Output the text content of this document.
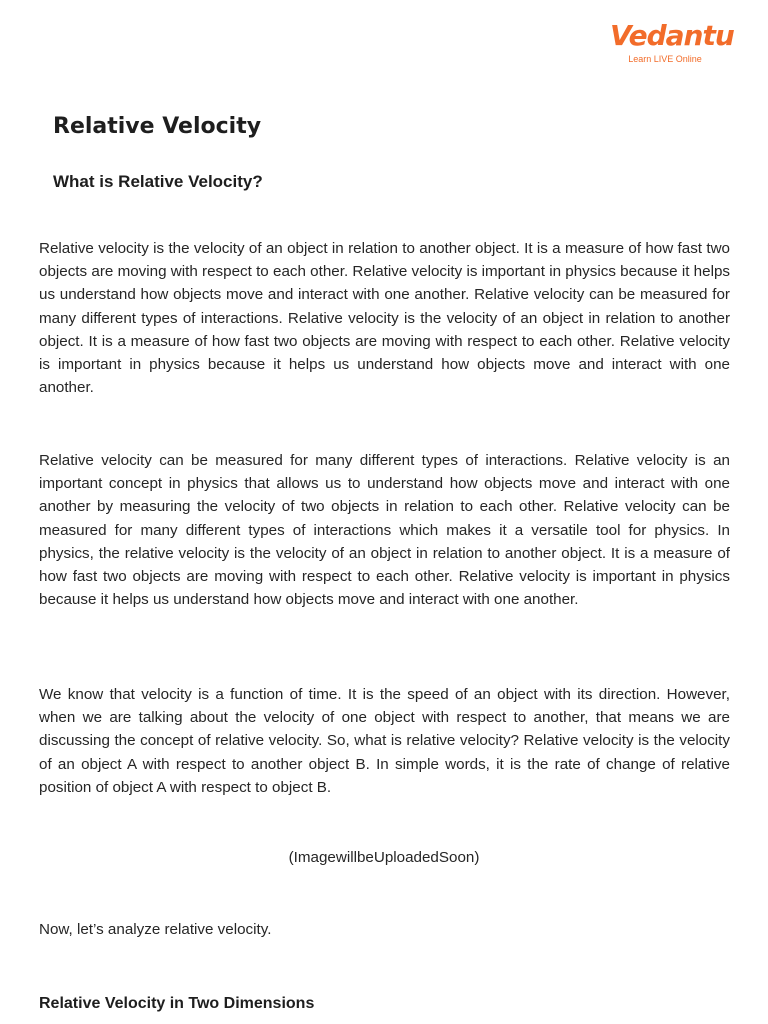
Vedantu
Learn LIVE Online
Relative Velocity
What is Relative Velocity?

Relative velocity is the velocity of an object in relation to another object. It is a measure of how fast two objects are moving with respect to each other. Relative velocity is important in physics because it helps us understand how objects move and interact with one another. Relative velocity can be measured for many different types of interactions. Relative velocity is the velocity of an object in relation to another object. It is a measure of how fast two objects are moving with respect to each other. Relative velocity is important in physics because it helps us understand how objects move and interact with one another.

Relative velocity can be measured for many different types of interactions. Relative velocity is an important concept in physics that allows us to understand how objects move and interact with one another by measuring the velocity of two objects in relation to each other. Relative velocity can be measured for many different types of interactions which makes it a versatile tool for physics. In physics, the relative velocity is the velocity of an object in relation to another object. It is a measure of how fast two objects are moving with respect to each other. Relative velocity is important in physics because it helps us understand how objects move and interact with one another.

We know that velocity is a function of time. It is the speed of an object with its direction. However, when we are talking about the velocity of one object with respect to another, that means we are discussing the concept of relative velocity. So, what is relative velocity? Relative velocity is the velocity of an object A with respect to another object B. In simple words, it is the rate of change of relative position of object A with respect to object B.

(ImagewillbeUploadedSoon)

Now, let’s analyze relative velocity.

Relative Velocity in Two Dimensions
